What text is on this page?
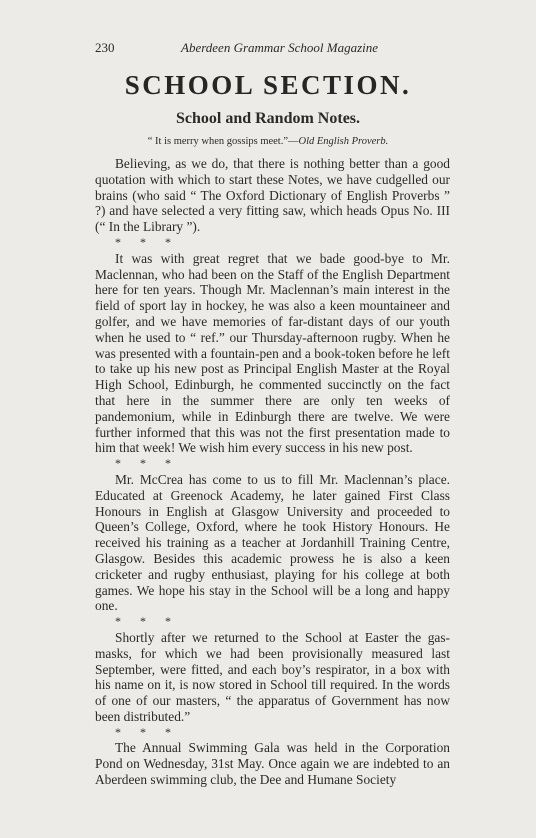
230	Aberdeen Grammar School Magazine
SCHOOL SECTION.
School and Random Notes.
“ It is merry when gossips meet.”—Old English Proverb.

Believing, as we do, that there is nothing better than a good quotation with which to start these Notes, we have cudgelled our brains (who said “ The Oxford Dictionary of English Proverbs ” ?) and have selected a very fitting saw, which heads Opus No. III (“ In the Library ”).

* * *

It was with great regret that we bade good-bye to Mr. Maclennan, who had been on the Staff of the English Department here for ten years. Though Mr. Maclennan’s main interest in the field of sport lay in hockey, he was also a keen mountaineer and golfer, and we have memories of far-distant days of our youth when he used to “ ref.” our Thursday-afternoon rugby. When he was presented with a fountain-pen and a book-token before he left to take up his new post as Principal English Master at the Royal High School, Edinburgh, he commented succinctly on the fact that here in the summer there are only ten weeks of pandemonium, while in Edinburgh there are twelve. We were further informed that this was not the first presentation made to him that week! We wish him every success in his new post.

* * *

Mr. McCrea has come to us to fill Mr. Maclennan’s place. Educated at Greenock Academy, he later gained First Class Honours in English at Glasgow University and proceeded to Queen’s College, Oxford, where he took History Honours. He received his training as a teacher at Jordanhill Training Centre, Glasgow. Besides this academic prowess he is also a keen cricketer and rugby enthusiast, playing for his college at both games. We hope his stay in the School will be a long and happy one.

* * *

Shortly after we returned to the School at Easter the gas-masks, for which we had been provisionally measured last September, were fitted, and each boy’s respirator, in a box with his name on it, is now stored in School till required. In the words of one of our masters, “ the apparatus of Government has now been distributed.”

* * *

The Annual Swimming Gala was held in the Corporation Pond on Wednesday, 31st May. Once again we are indebted to an Aberdeen swimming club, the Dee and Humane Society
